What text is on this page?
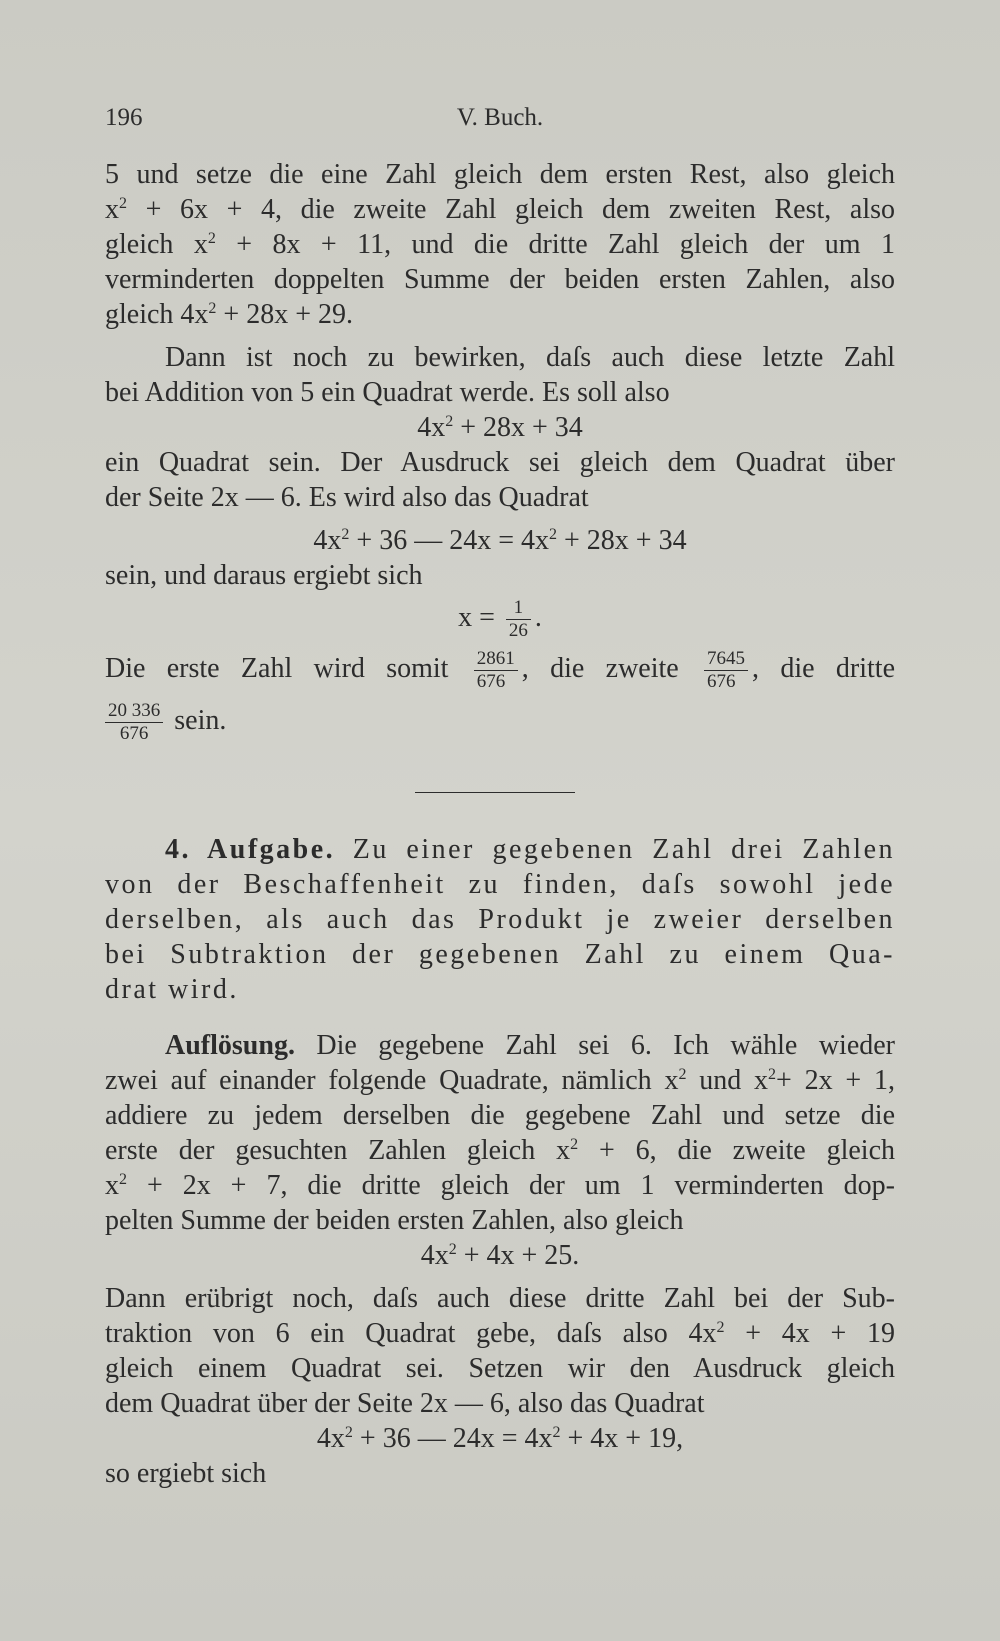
196	V. Buch.
5 und setze die eine Zahl gleich dem ersten Rest, also gleich
$x^2 + 6x + 4$, die zweite Zahl gleich dem zweiten Rest, also
gleich $x^2 + 8x + 11$, und die dritte Zahl gleich der um 1
verminderten doppelten Summe der beiden ersten Zahlen, also
gleich $4x^2 + 28x + 29$.
Dann ist noch zu bewirken, daſs auch diese letzte Zahl
bei Addition von 5 ein Quadrat werde. Es soll also
$4x^2 + 28x + 34$
ein Quadrat sein. Der Ausdruck sei gleich dem Quadrat über
der Seite 2x — 6. Es wird also das Quadrat
$4x^2 + 36$ — $24x = 4x^2 + 28x + 34$
sein, und daraus ergiebt sich
$x = \frac{1}{26}$ .
Die erste Zahl wird somit $\frac{2861}{676}$ , die zweite $\frac{7645}{676}$ , die dritte
$\frac{20 336}{676}$ sein.
4. Aufgabe. Zu einer gegebenen Zahl drei Zahlen
von der Beschaffenheit zu finden, daſs sowohl jede
derselben, als auch das Produkt je zweier derselben
bei Subtraktion der gegebenen Zahl zu einem Qua-
drat wird.
Auflösung. Die gegebene Zahl sei 6. Ich wähle wieder
zwei auf einander folgende Quadrate, nämlich $x^2$ und $x^2+ 2x + 1$,
addiere zu jedem derselben die gegebene Zahl und setze die
erste der gesuchten Zahlen gleich $x^2 + 6$, die zweite gleich
$x^2 + 2x + 7$, die dritte gleich der um 1 verminderten dop-
pelten Summe der beiden ersten Zahlen, also gleich
$4x^2 + 4x + 25$.
Dann erübrigt noch, daſs auch diese dritte Zahl bei der Sub-
traktion von 6 ein Quadrat gebe, daſs also $4x^2 + 4x + 19$
gleich einem Quadrat sei. Setzen wir den Ausdruck gleich
dem Quadrat über der Seite 2x — 6, also das Quadrat
$4x^2 + 36$ — $24x = 4x^2 + 4x + 19$,
so ergiebt sich
